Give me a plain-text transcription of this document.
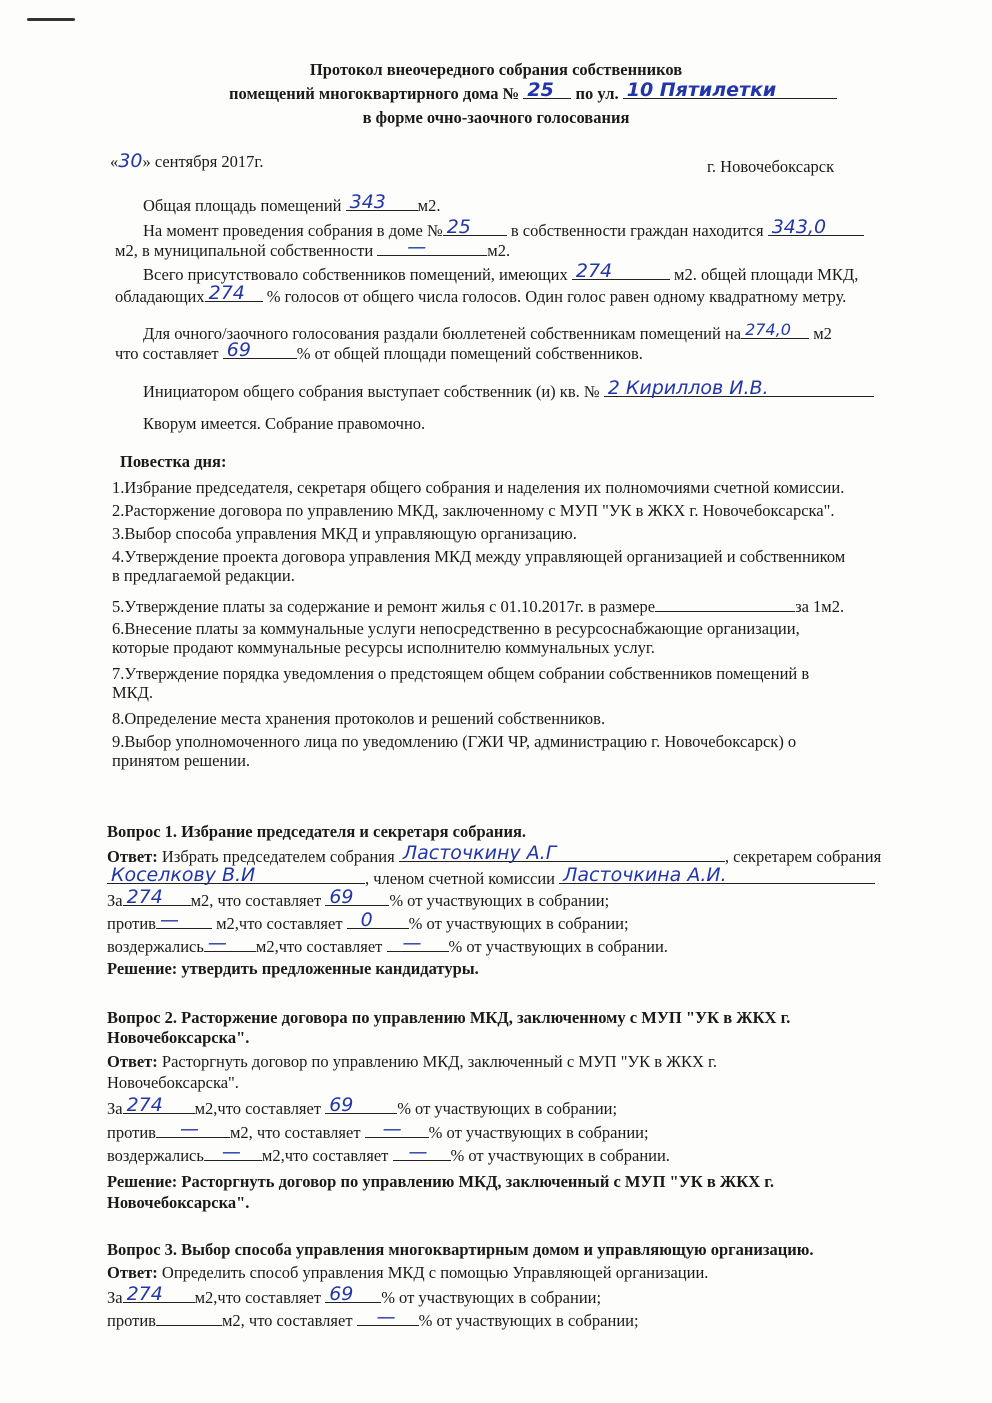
Протокол внеочередного собрания собственников
помещений многоквартирного дома № 25 по ул. 10 Пятилетки
в форме очно-заочного голосования
«30» сентября 2017г.	г. Новочебоксарск
Общая площадь помещений 343 м2.
На момент проведения собрания в доме № 25 в собственности граждан находится 343,0
м2, в муниципальной собственности —	м2.
Всего присутствовало собственников помещений, имеющих 274	м2. общей площади МКД,
обладающих 274 % голосов от общего числа голосов. Один голос равен одному квадратному метру.
Для очного/заочного голосования раздали бюллетеней собственникам помещений на 274,0 м2
что составляет 69	% от общей площади помещений собственников.
Инициатором общего собрания выступает собственник (и) кв. № 2 Кириллов И.В.
Кворум имеется. Собрание правомочно.
Повестка дня:
1.Избрание председателя, секретаря общего собрания и наделения их полномочиями счетной комиссии.
2.Расторжение договора по управлению МКД, заключенному с МУП "УК в ЖКХ г. Новочебоксарска".
3.Выбор способа управления МКД и управляющую организацию.
4.Утверждение проекта договора управления МКД между управляющей организацией и собственником
в предлагаемой редакции.
5.Утверждение платы за содержание и ремонт жилья с 01.10.2017г. в размере	за 1м2.
6.Внесение платы за коммунальные услуги непосредственно в ресурсоснабжающие организации,
которые продают коммунальные ресурсы исполнителю коммунальных услуг.
7.Утверждение порядка уведомления о предстоящем общем собрании собственников помещений в
МКД.
8.Определение места хранения протоколов и решений собственников.
9.Выбор уполномоченного лица по уведомлению (ГЖИ ЧР, администрацию г. Новочебоксарск) о
принятом решении.
Вопрос 1. Избрание председателя и секретаря собрания.
Ответ: Избрать председателем собрания Ласточкину А.Г	, секретарем собрания
Коселкову В.И	, членом счетной комиссии Ласточкина А.И.
За 274 м2, что составляет 69 % от участвующих в собрании;
против — м2,что составляет 0 % от участвующих в собрании;
воздержались — м2,что составляет — % от участвующих в собрании.
Решение: утвердить предложенные кандидатуры.
Вопрос 2. Расторжение договора по управлению МКД, заключенному с МУП "УК в ЖКХ г.
Новочебоксарска".
Ответ: Расторгнуть договор по управлению МКД, заключенный с МУП "УК в ЖКХ г.
Новочебоксарска".
За 274 м2,что составляет 69	% от участвующих в собрании;
против — м2, что составляет — % от участвующих в собрании;
воздержались — м2,что составляет — % от участвующих в собрании.
Решение: Расторгнуть договор по управлению МКД, заключенный с МУП "УК в ЖКХ г.
Новочебоксарска".
Вопрос 3. Выбор способа управления многоквартирным домом и управляющую организацию.
Ответ: Определить способ управления МКД с помощью Управляющей организации.
За 274 м2,что составляет 69 % от участвующих в собрании;
против	м2, что составляет — % от участвующих в собрании;
